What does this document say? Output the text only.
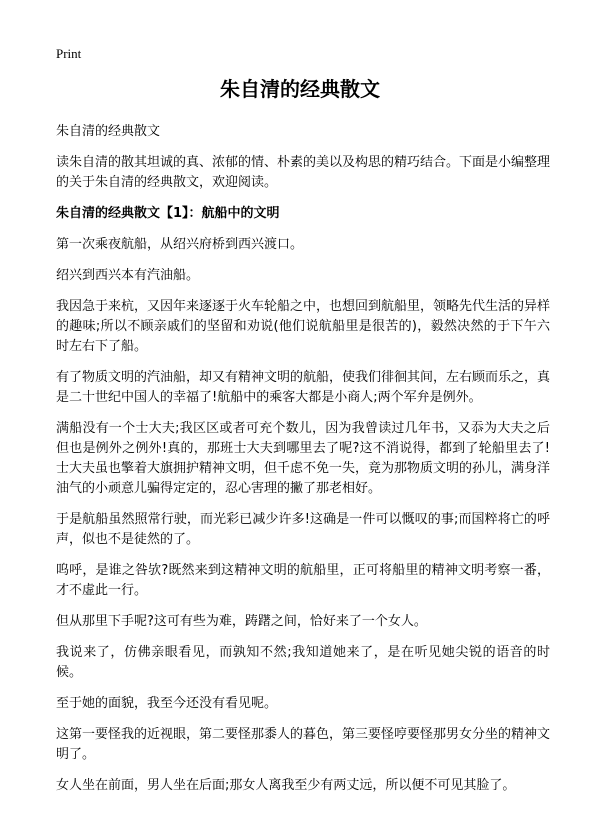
Print
朱自清的经典散文

朱自清的经典散文

读朱自清的散其坦诚的真、浓郁的情、朴素的美以及构思的精巧结合。下面是小编整理的关于朱自清的经典散文，欢迎阅读。

朱自清的经典散文【1】：航船中的文明

第一次乘夜航船，从绍兴府桥到西兴渡口。

绍兴到西兴本有汽油船。

我因急于来杭，又因年来逐逐于火车轮船之中，也想回到航船里，领略先代生活的异样的趣味;所以不顾亲戚们的坚留和劝说(他们说航船里是很苦的)，毅然决然的于下午六时左右下了船。

有了物质文明的汽油船，却又有精神文明的航船，使我们徘徊其间，左右顾而乐之，真是二十世纪中国人的幸福了!航船中的乘客大都是小商人;两个军弁是例外。

满船没有一个士大夫;我区区或者可充个数儿，因为我曾读过几年书，又忝为大夫之后但也是例外之例外!真的，那班士大夫到哪里去了呢?这不消说得，都到了轮船里去了!士大夫虽也擎着大旗拥护精神文明，但千虑不免一失，竟为那物质文明的孙儿，满身洋油气的小顽意儿骗得定定的，忍心害理的撇了那老相好。

于是航船虽然照常行驶，而光彩已减少许多!这确是一件可以慨叹的事;而国粹将亡的呼声，似也不是徒然的了。

呜呼，是谁之咎欤?既然来到这精神文明的航船里，正可将船里的精神文明考察一番，才不虚此一行。

但从那里下手呢?这可有些为难，踌躇之间，恰好来了一个女人。

我说来了，仿佛亲眼看见，而孰知不然;我知道她来了，是在听见她尖锐的语音的时候。

至于她的面貌，我至今还没有看见呢。

这第一要怪我的近视眼，第二要怪那黍人的暮色，第三要怪哼要怪那男女分坐的精神文明了。

女人坐在前面，男人坐在后面;那女人离我至少有两丈远，所以便不可见其脸了。
